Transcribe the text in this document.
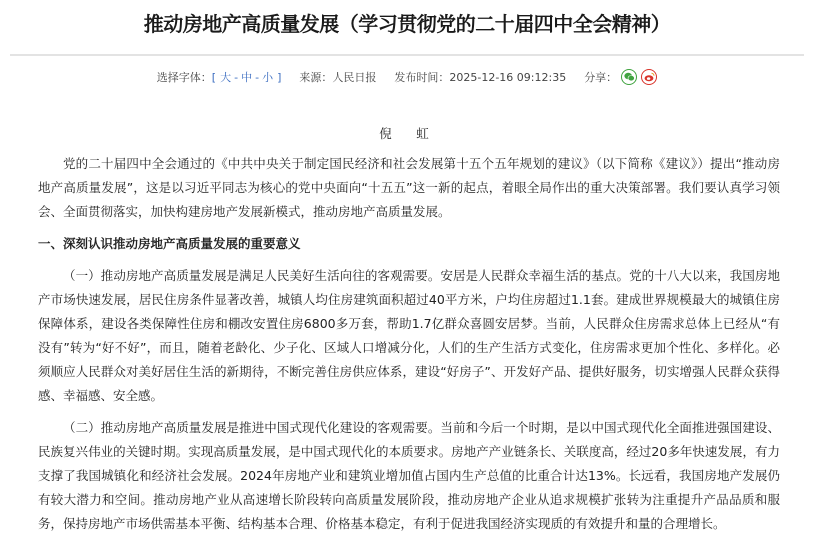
推动房地产高质量发展（学习贯彻党的二十届四中全会精神）
选择字体： [ 大 - 中 - 小 ] 来源： 人民日报 发布时间： 2025-12-16 09:12:35 分享：
倪　虹

党的二十届四中全会通过的《中共中央关于制定国民经济和社会发展第十五个五年规划的建议》（以下简称《建议》）提出“推动房地产高质量发展”，这是以习近平同志为核心的党中央面向“十五五”这一新的起点，着眼全局作出的重大决策部署。我们要认真学习领会、全面贯彻落实，加快构建房地产发展新模式，推动房地产高质量发展。

一、深刻认识推动房地产高质量发展的重要意义

（一）推动房地产高质量发展是满足人民美好生活向往的客观需要。安居是人民群众幸福生活的基点。党的十八大以来，我国房地产市场快速发展，居民住房条件显著改善，城镇人均住房建筑面积超过40平方米，户均住房超过1.1套。建成世界规模最大的城镇住房保障体系，建设各类保障性住房和棚改安置住房6800多万套，帮助1.7亿群众喜圆安居梦。当前，人民群众住房需求总体上已经从“有没有”转为“好不好”，而且，随着老龄化、少子化、区域人口增减分化，人们的生产生活方式变化，住房需求更加个性化、多样化。必须顺应人民群众对美好居住生活的新期待，不断完善住房供应体系，建设“好房子”、开发好产品、提供好服务，切实增强人民群众获得感、幸福感、安全感。

（二）推动房地产高质量发展是推进中国式现代化建设的客观需要。当前和今后一个时期，是以中国式现代化全面推进强国建设、民族复兴伟业的关键时期。实现高质量发展，是中国式现代化的本质要求。房地产产业链条长、关联度高，经过20多年快速发展，有力支撑了我国城镇化和经济社会发展。2024年房地产业和建筑业增加值占国内生产总值的比重合计达13%。长远看，我国房地产发展仍有较大潜力和空间。推动房地产业从高速增长阶段转向高质量发展阶段，推动房地产企业从追求规模扩张转为注重提升产品品质和服务，保持房地产市场供需基本平衡、结构基本合理、价格基本稳定，有利于促进我国经济实现质的有效提升和量的合理增长。
